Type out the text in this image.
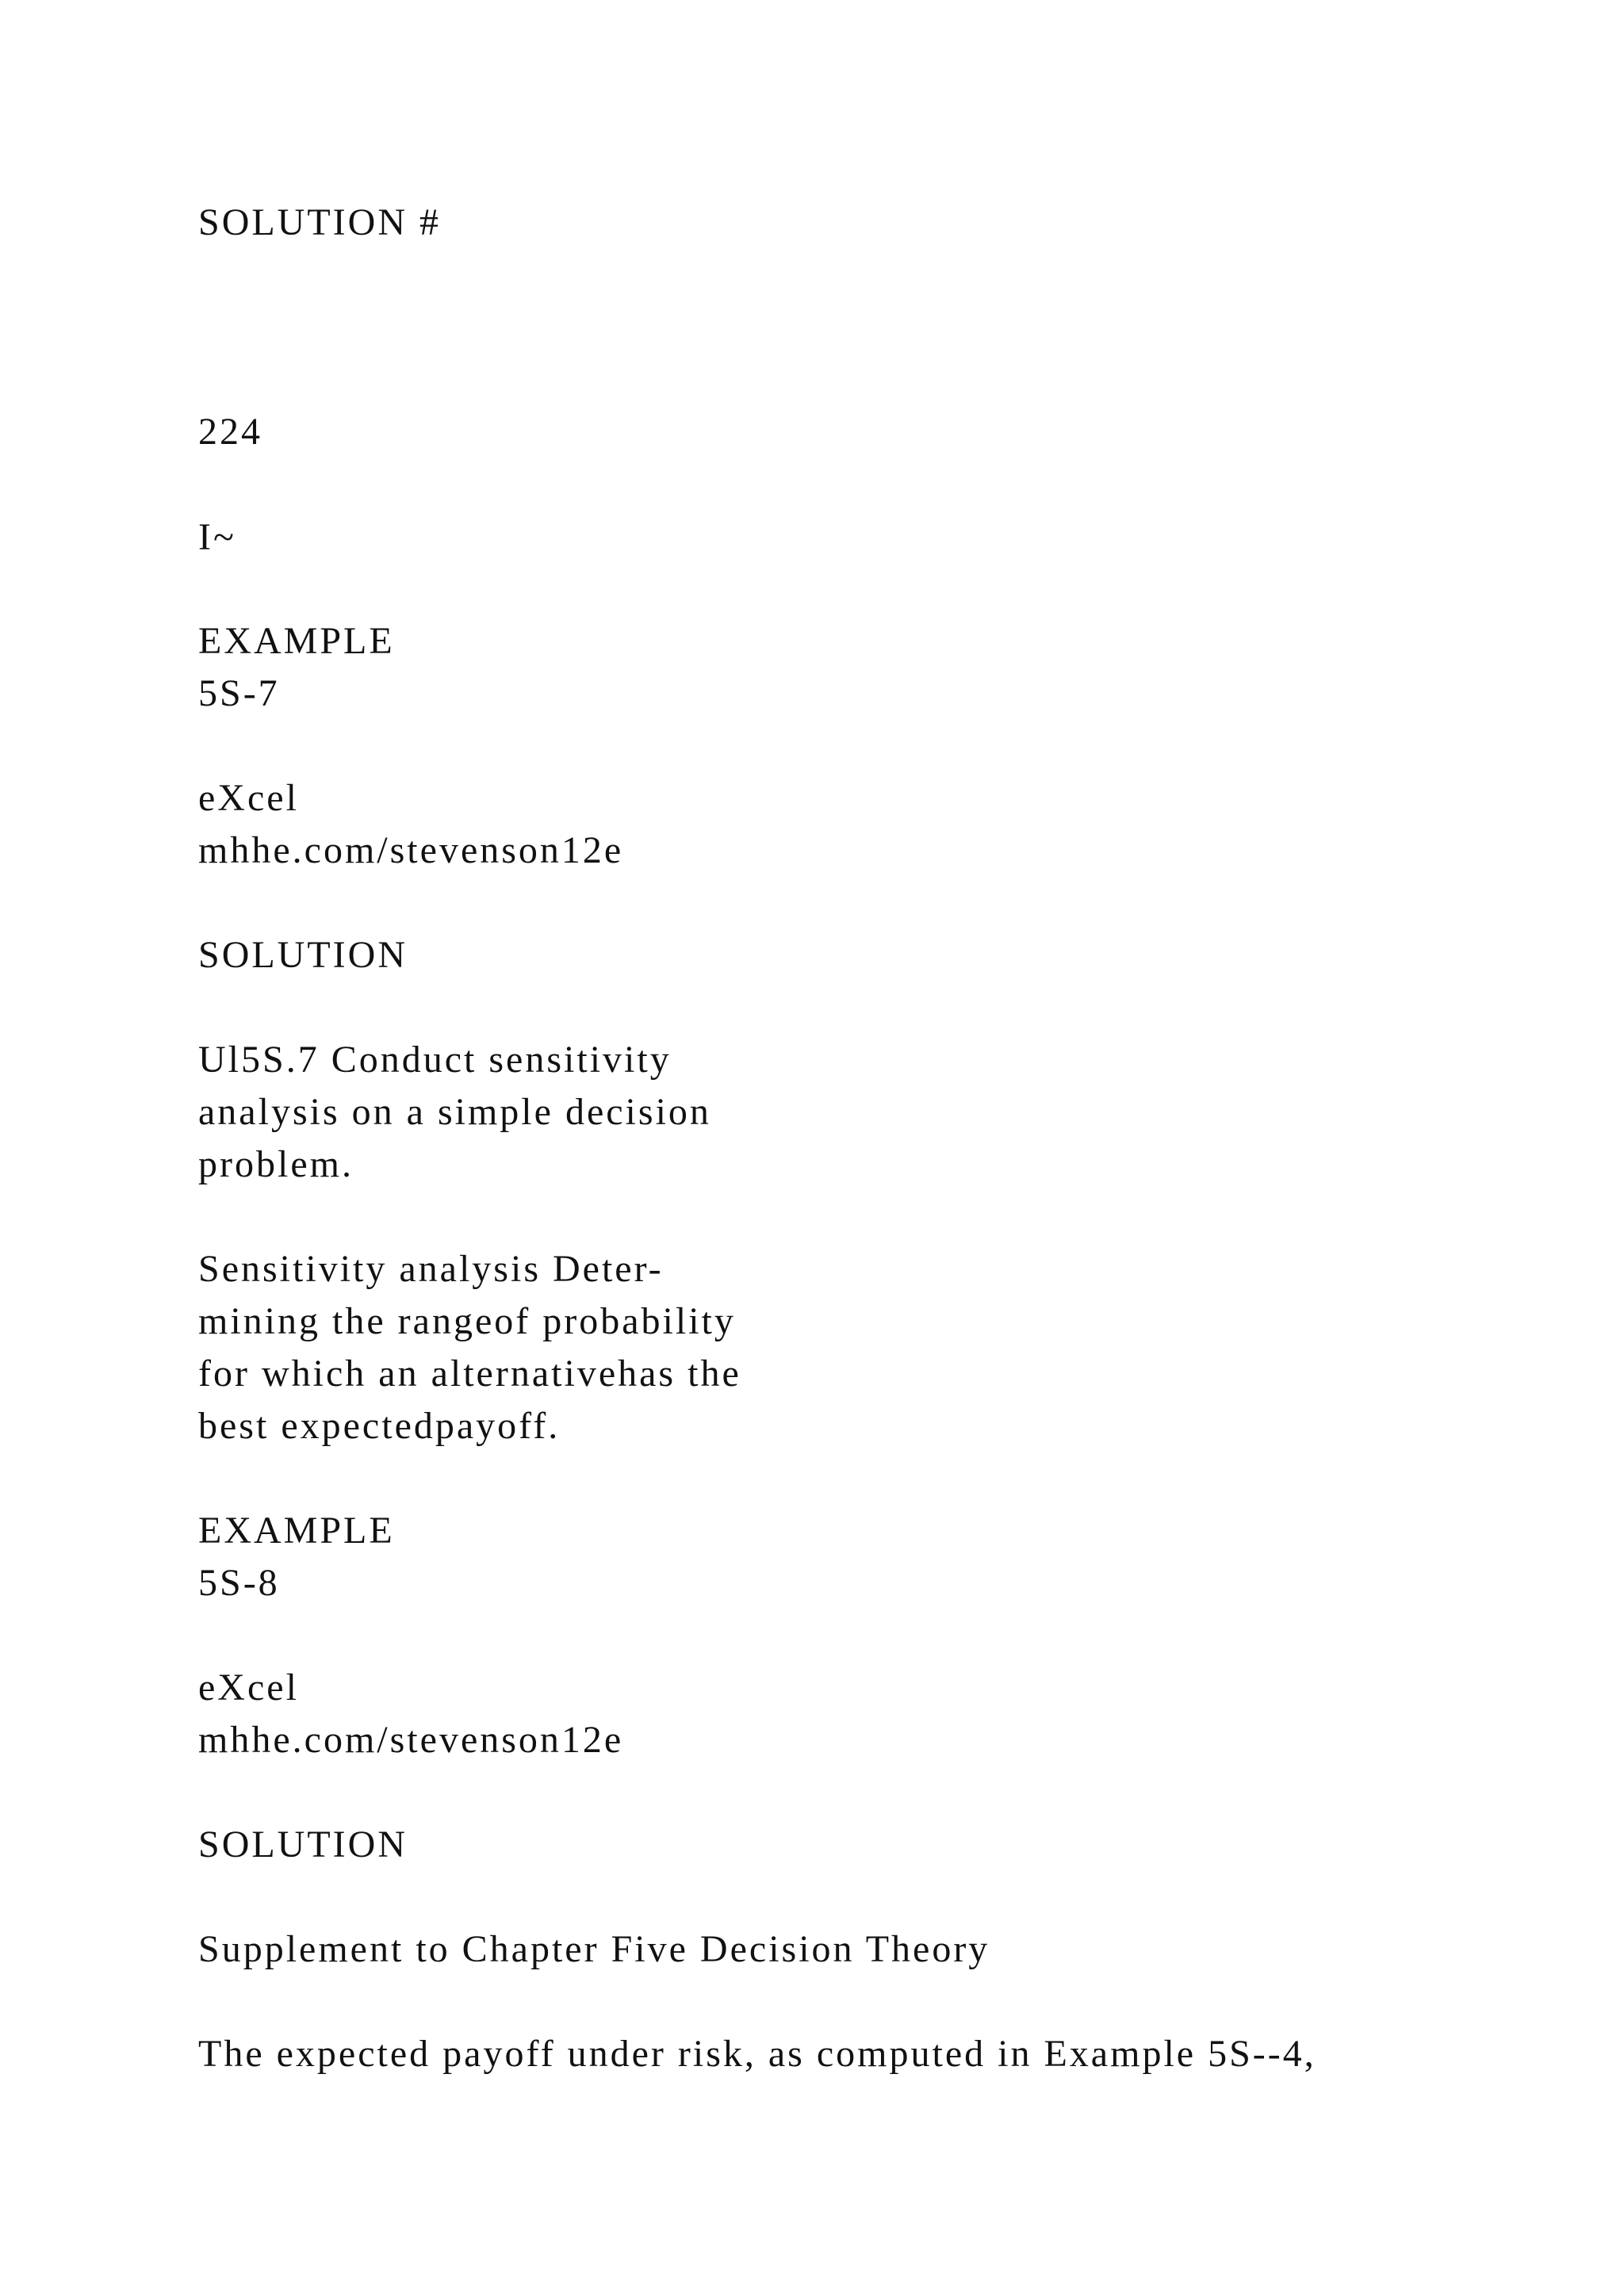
SOLUTION #

224

I~

EXAMPLE

5S-7

eXcel

mhhe.com/stevenson12e

SOLUTION

Ul5S.7 Conduct sensitivity

analysis on a simple decision

problem.

Sensitivity analysis Deter-

mining the rangeof probability

for which an alternativehas the

best expectedpayoff.

EXAMPLE

5S-8

eXcel

mhhe.com/stevenson12e

SOLUTION

Supplement to Chapter Five Decision Theory

The expected payoff under risk, as computed in Example 5S--4,
